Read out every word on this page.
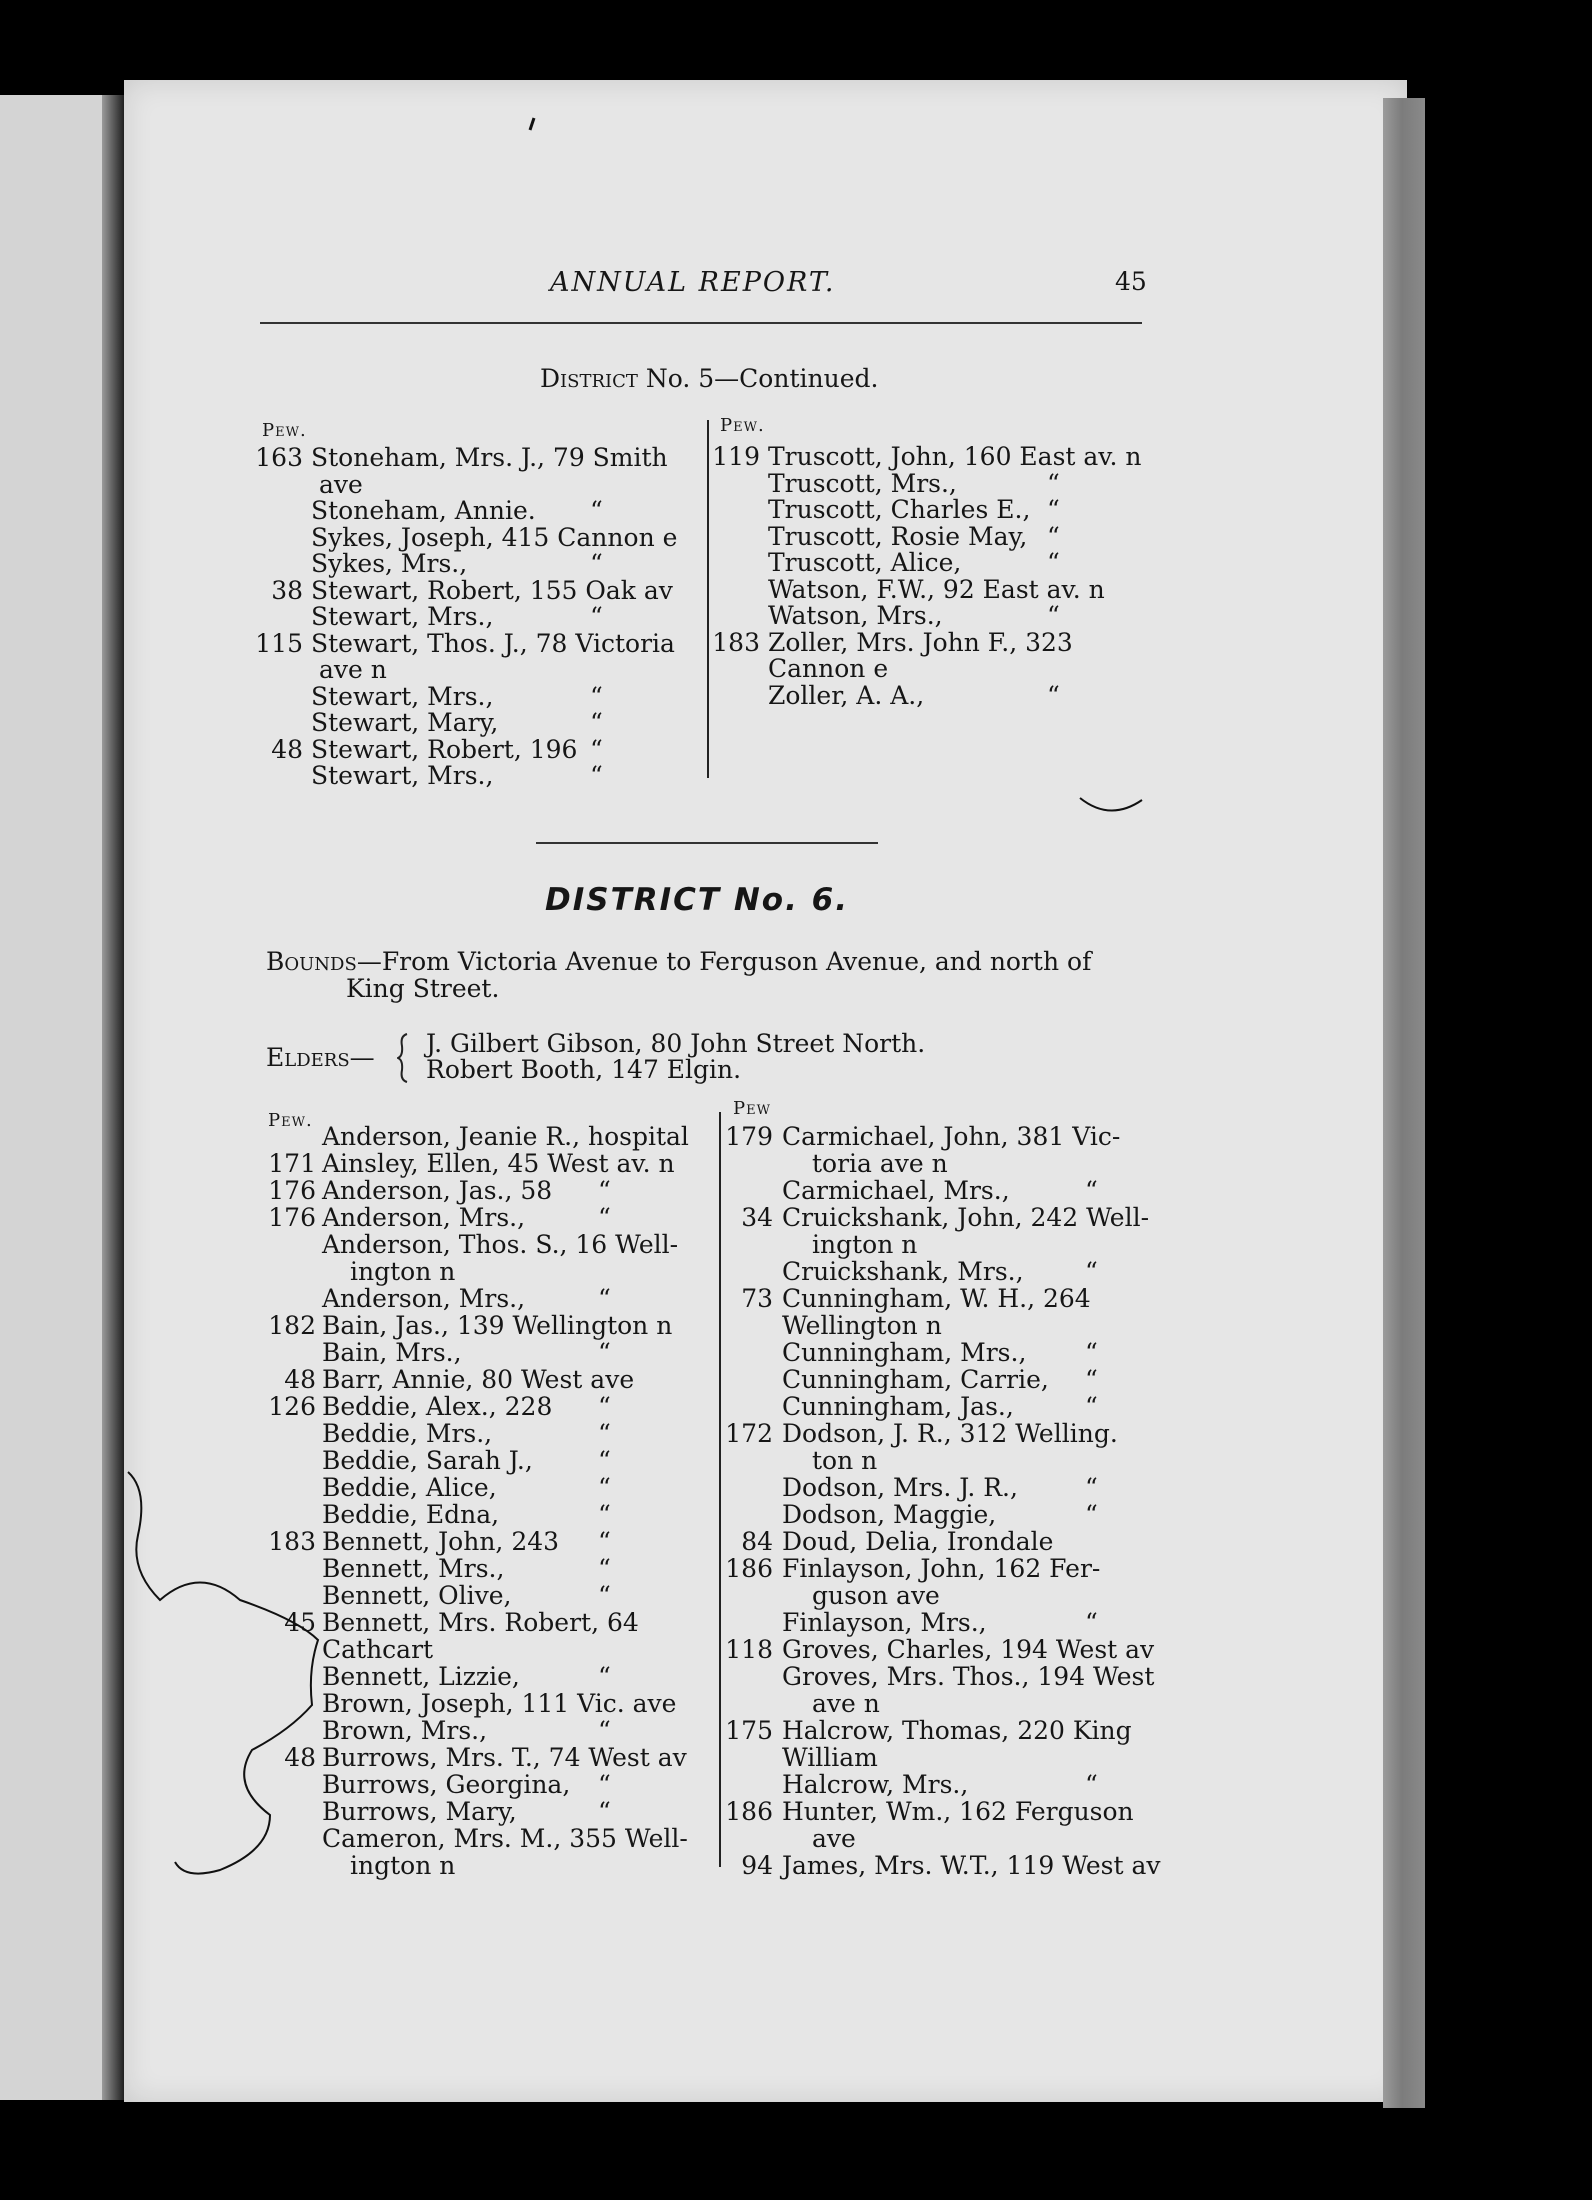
ANNUAL REPORT.	45
District No. 5—Continued.
Pew.	Pew.
163 Stoneham, Mrs. J., 79 Smith
ave
Stoneham, Annie. “
Sykes, Joseph, 415 Cannon e
Sykes, Mrs.,	“
38 Stewart, Robert, 155 Oak av
Stewart, Mrs.,	“
115 Stewart, Thos. J., 78 Victoria
ave n
Stewart, Mrs.,	“
Stewart, Mary,	“
48 Stewart, Robert, 196 “
Stewart, Mrs.,	“
119 Truscott, John, 160 East av. n
Truscott, Mrs.,	“
Truscott, Charles E., “
Truscott, Rosie May, “
Truscott, Alice,	“
Watson, F.W., 92 East av. n
Watson, Mrs.,	“
183 Zoller, Mrs. John F., 323
Cannon e
Zoller, A. A.,	“
DISTRICT No. 6.
Bounds—From Victoria Avenue to Ferguson Avenue, and north of
King Street.
Elders— J. Gilbert Gibson, 80 John Street North.
Robert Booth, 147 Elgin.
Pew.
Pew
Anderson, Jeanie R., hospital
171 Ainsley, Ellen, 45 West av. n
176 Anderson, Jas., 58 “
176 Anderson, Mrs.,	“
Anderson, Thos. S., 16 Well-
ington n
Anderson, Mrs.,	“
182 Bain, Jas., 139 Wellington n
Bain, Mrs.,	“
48 Barr, Annie, 80 West ave
126 Beddie, Alex., 228 “
Beddie, Mrs.,	“
Beddie, Sarah J.,	“
Beddie, Alice,	“
Beddie, Edna,	“
183 Bennett, John, 243 “
Bennett, Mrs.,	“
Bennett, Olive,	“
45 Bennett, Mrs. Robert, 64
Cathcart
Bennett, Lizzie,	“
Brown, Joseph, 111 Vic. ave
Brown, Mrs.,	“
48 Burrows, Mrs. T., 74 West av
Burrows, Georgina, “
Burrows, Mary,	“
Cameron, Mrs. M., 355 Well-
ington n
179 Carmichael, John, 381 Vic-
toria ave n
Carmichael, Mrs.,	“
34 Cruickshank, John, 242 Well-
ington n
Cruickshank, Mrs., “
73 Cunningham, W. H., 264
Wellington n
Cunningham, Mrs., “
Cunningham, Carrie, “
Cunningham, Jas.,	“
172 Dodson, J. R., 312 Welling.
ton n
Dodson, Mrs. J. R.,	“
Dodson, Maggie,	“
84 Doud, Delia, Irondale
186 Finlayson, John, 162 Fer-
guson ave
Finlayson, Mrs.,	“
118 Groves, Charles, 194 West av
Groves, Mrs. Thos., 194 West
ave n
175 Halcrow, Thomas, 220 King
William
Halcrow, Mrs.,	“
186 Hunter, Wm., 162 Ferguson
ave
94 James, Mrs. W.T., 119 West av
